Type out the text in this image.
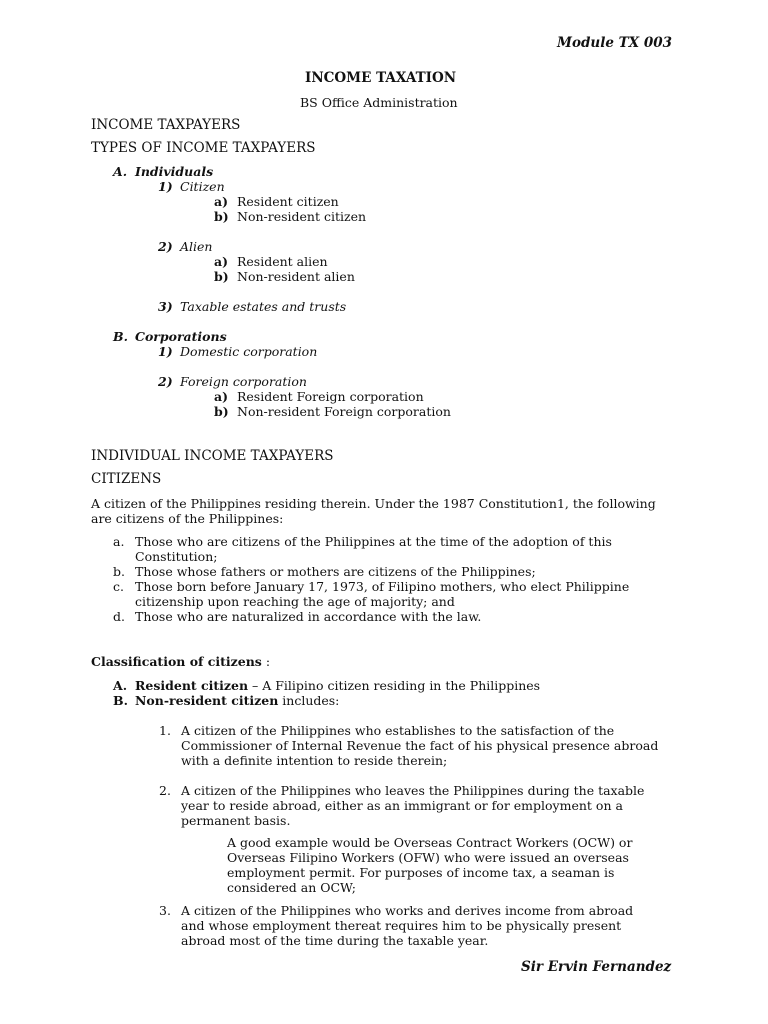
Module TX 003
INCOME TAXATION
BS Office Administration
INCOME TAXPAYERS
TYPES OF INCOME TAXPAYERS
A. Individuals
1) Citizen
a) Resident citizen
b) Non-resident citizen
2) Alien
a) Resident alien
b) Non-resident alien
3) Taxable estates and trusts
B. Corporations
1) Domestic corporation
2) Foreign corporation
a) Resident Foreign corporation
b) Non-resident Foreign corporation
INDIVIDUAL INCOME TAXPAYERS
CITIZENS
A citizen of the Philippines residing therein. Under the 1987 Constitution1, the following
are citizens of the Philippines:
a. Those who are citizens of the Philippines at the time of the adoption of this
Constitution;
b. Those whose fathers or mothers are citizens of the Philippines;
c. Those born before January 17, 1973, of Filipino mothers, who elect Philippine
citizenship upon reaching the age of majority; and
d. Those who are naturalized in accordance with the law.
Classification of citizens :
A. Resident citizen – A Filipino citizen residing in the Philippines
B. Non-resident citizen includes:
1. A citizen of the Philippines who establishes to the satisfaction of the
Commissioner of Internal Revenue the fact of his physical presence abroad
with a definite intention to reside therein;
2. A citizen of the Philippines who leaves the Philippines during the taxable
year to reside abroad, either as an immigrant or for employment on a
permanent basis.
A good example would be Overseas Contract Workers (OCW) or
Overseas Filipino Workers (OFW) who were issued an overseas
employment permit. For purposes of income tax, a seaman is
considered an OCW;
3. A citizen of the Philippines who works and derives income from abroad
and whose employment thereat requires him to be physically present
abroad most of the time during the taxable year.
Sir Ervin Fernandez
